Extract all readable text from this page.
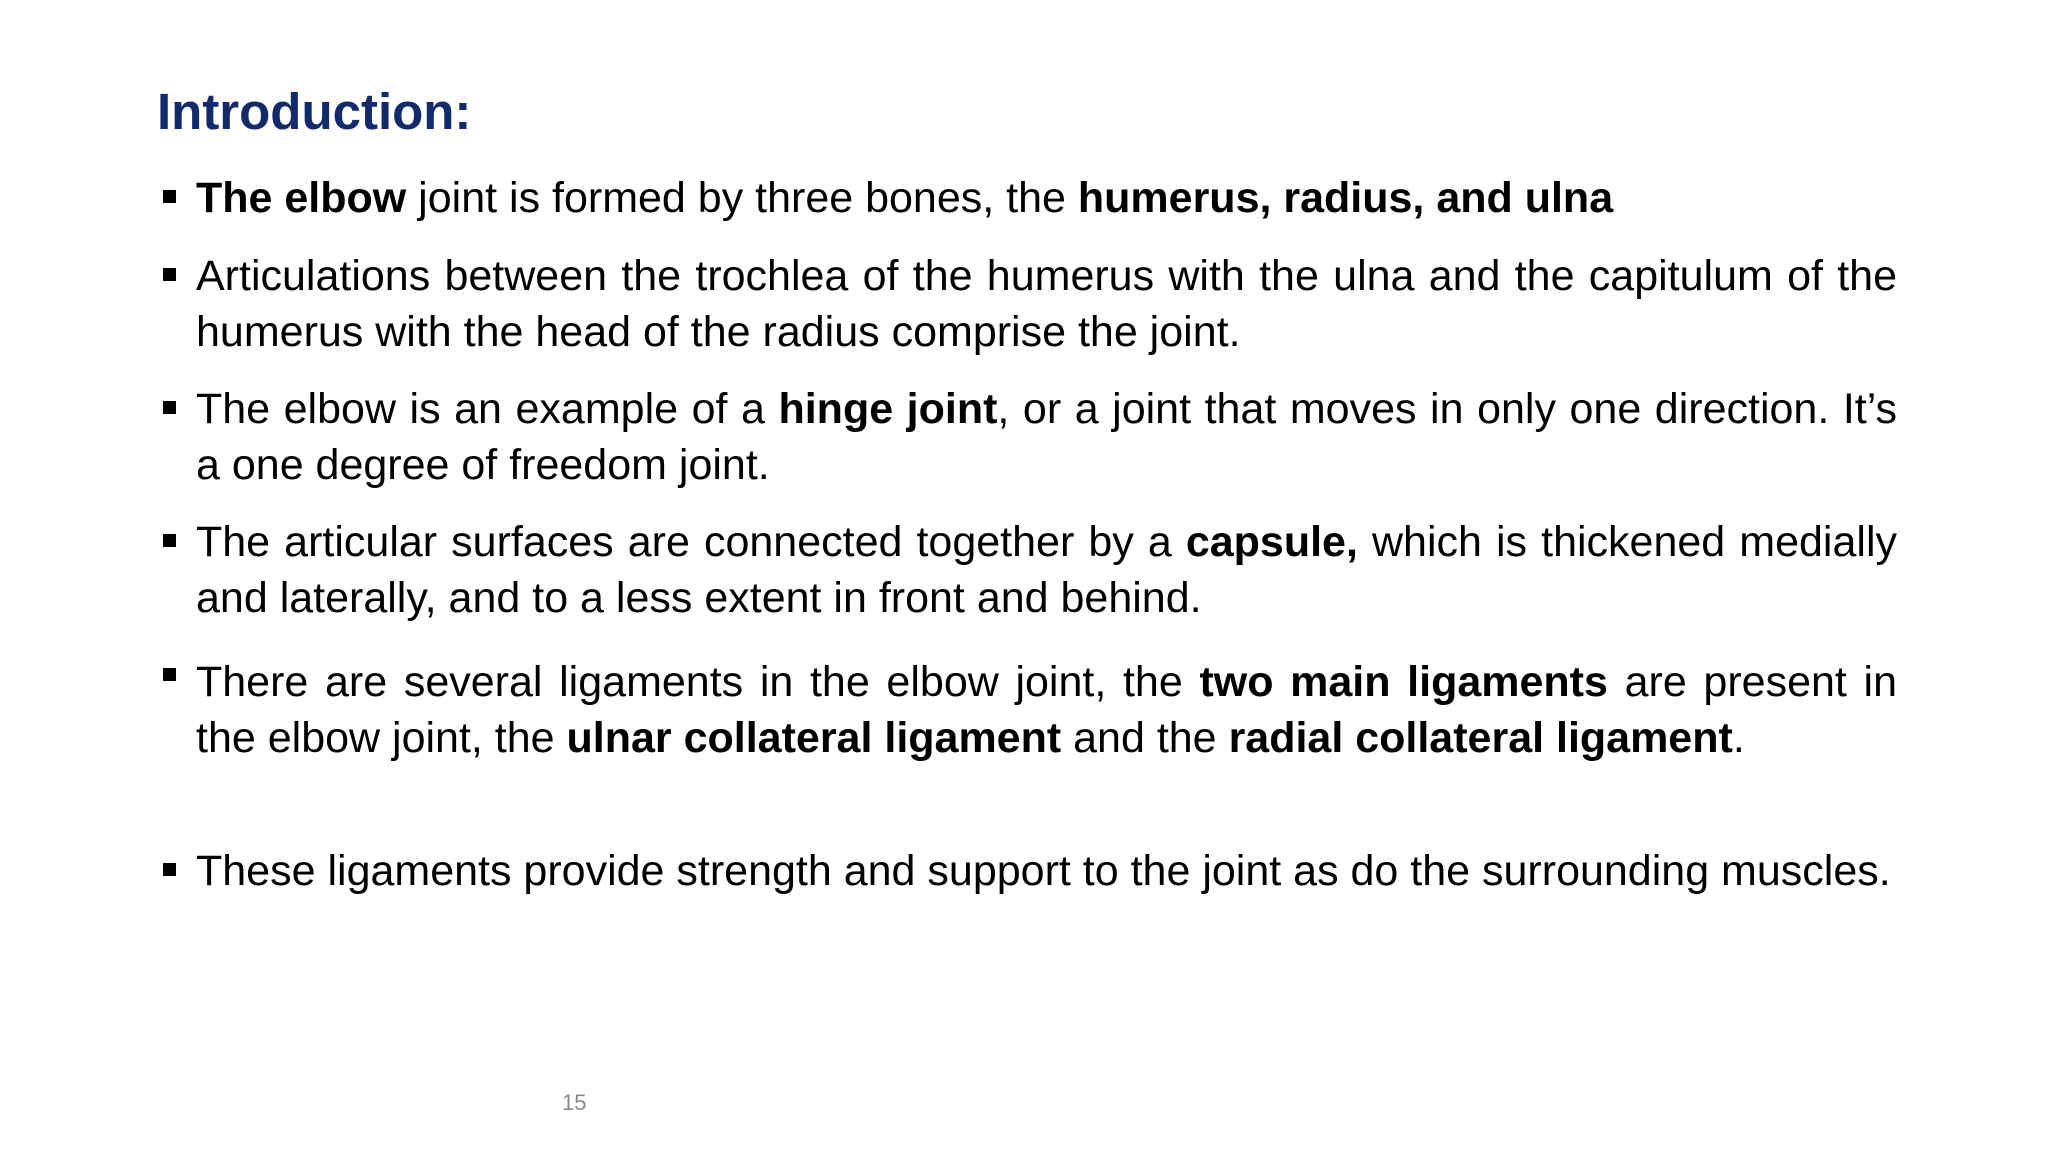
Introduction:
The elbow joint is formed by three bones, the humerus, radius, and ulna
Articulations between the trochlea of the humerus with the ulna and the capitulum of the humerus with the head of the radius comprise the joint.
The elbow is an example of a hinge joint, or a joint that moves in only one direction. It’s a one degree of freedom joint.
The articular surfaces are connected together by a capsule, which is thickened medially and laterally, and to a less extent in front and behind.
There are several ligaments in the elbow joint, the two main ligaments are present in the elbow joint, the ulnar collateral ligament and the radial collateral ligament.
These ligaments provide strength and support to the joint as do the surrounding muscles.
15
